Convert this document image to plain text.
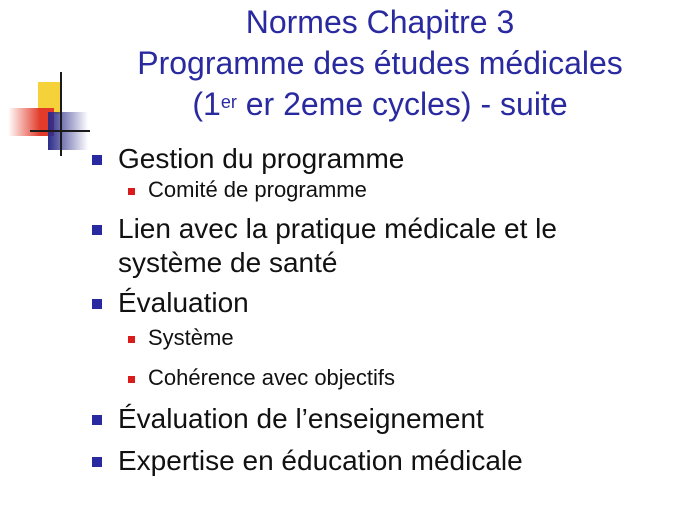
Normes Chapitre 3
Programme des études médicales
(1er er 2eme cycles) - suite
Gestion du programme
Comité de programme
Lien avec la pratique médicale et le
système de santé
Évaluation
Système
Cohérence avec objectifs
Évaluation de l’enseignement
Expertise en éducation médicale
